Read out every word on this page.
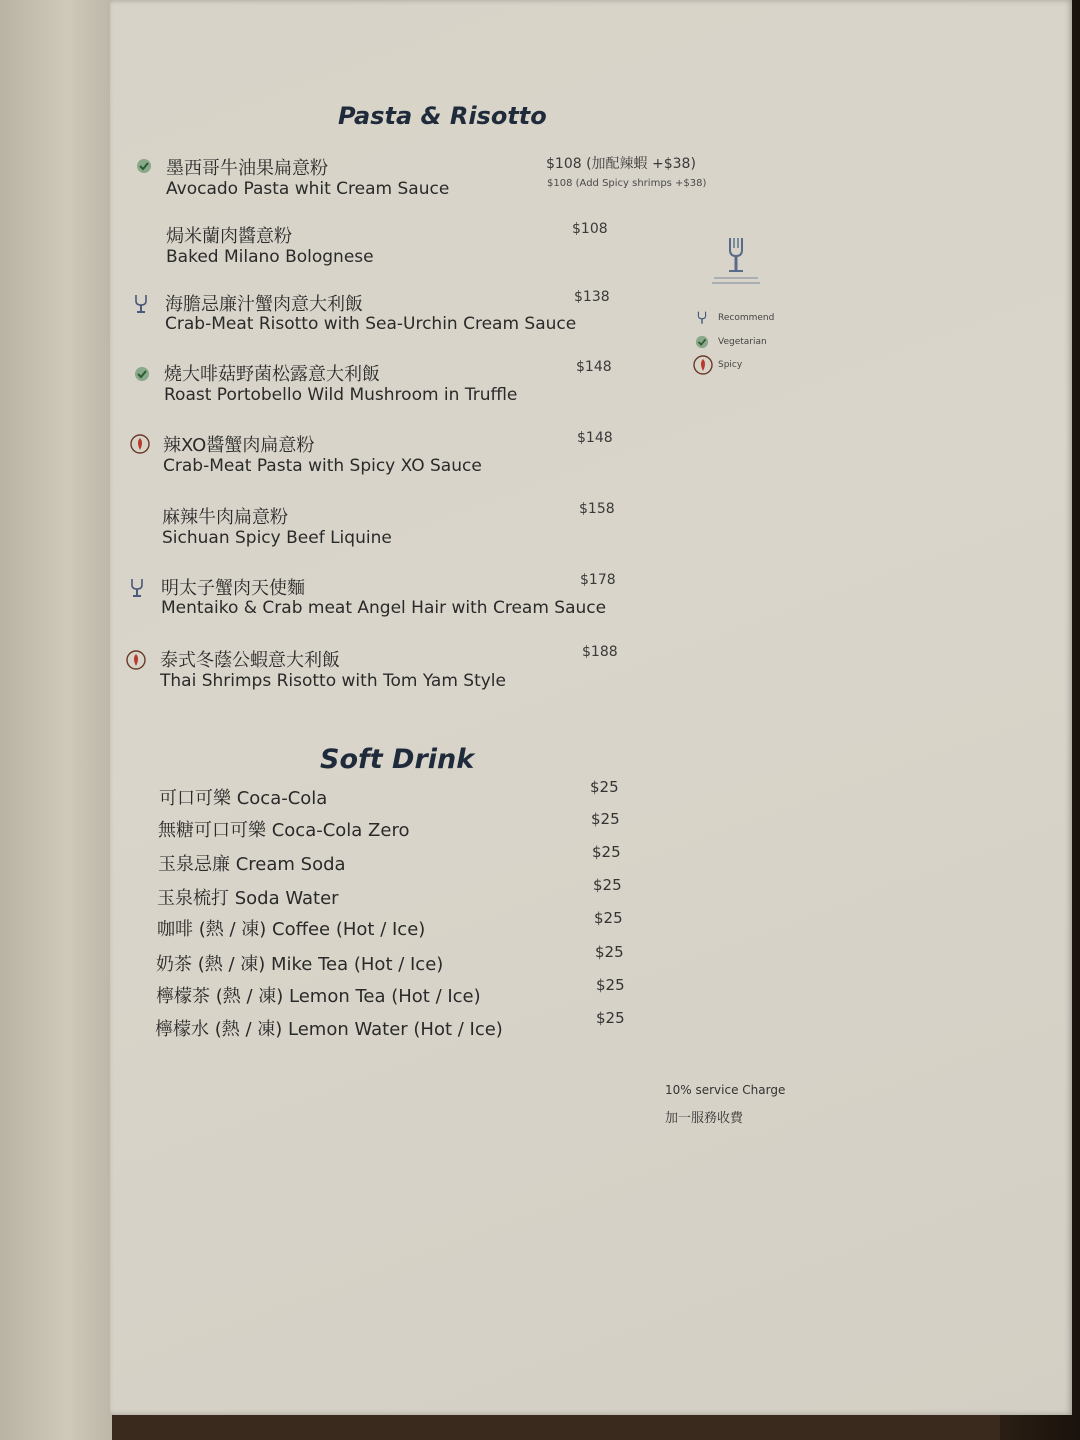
Pasta & Risotto
墨西哥牛油果扁意粉
Avocado Pasta whit Cream Sauce
$108 (加配辣蝦 +$38)
$108 (Add Spicy shrimps +$38)
焗米蘭肉醬意粉
Baked Milano Bolognese
$108
海膽忌廉汁蟹肉意大利飯
Crab-Meat Risotto with Sea-Urchin Cream Sauce
$138
燒大啡菇野菌松露意大利飯
Roast Portobello Wild Mushroom in Truffle
$148
辣XO醬蟹肉扁意粉
Crab-Meat Pasta with Spicy XO Sauce
$148
麻辣牛肉扁意粉
Sichuan Spicy Beef Liquine
$158
明太子蟹肉天使麵
Mentaiko & Crab meat Angel Hair with Cream Sauce
$178
泰式冬蔭公蝦意大利飯
Thai Shrimps Risotto with Tom Yam Style
$188
Recommend
Vegetarian
Spicy
Soft Drink
可口可樂 Coca-Cola
$25
無糖可口可樂 Coca-Cola Zero
$25
玉泉忌廉 Cream Soda
$25
玉泉梳打 Soda Water
$25
咖啡 (熱 / 凍) Coffee (Hot / Ice)
$25
奶茶 (熱 / 凍) Mike Tea (Hot / Ice)
$25
檸檬茶 (熱 / 凍) Lemon Tea (Hot / Ice)
$25
檸檬水 (熱 / 凍) Lemon Water (Hot / Ice)
$25
10% service Charge
加一服務收費
